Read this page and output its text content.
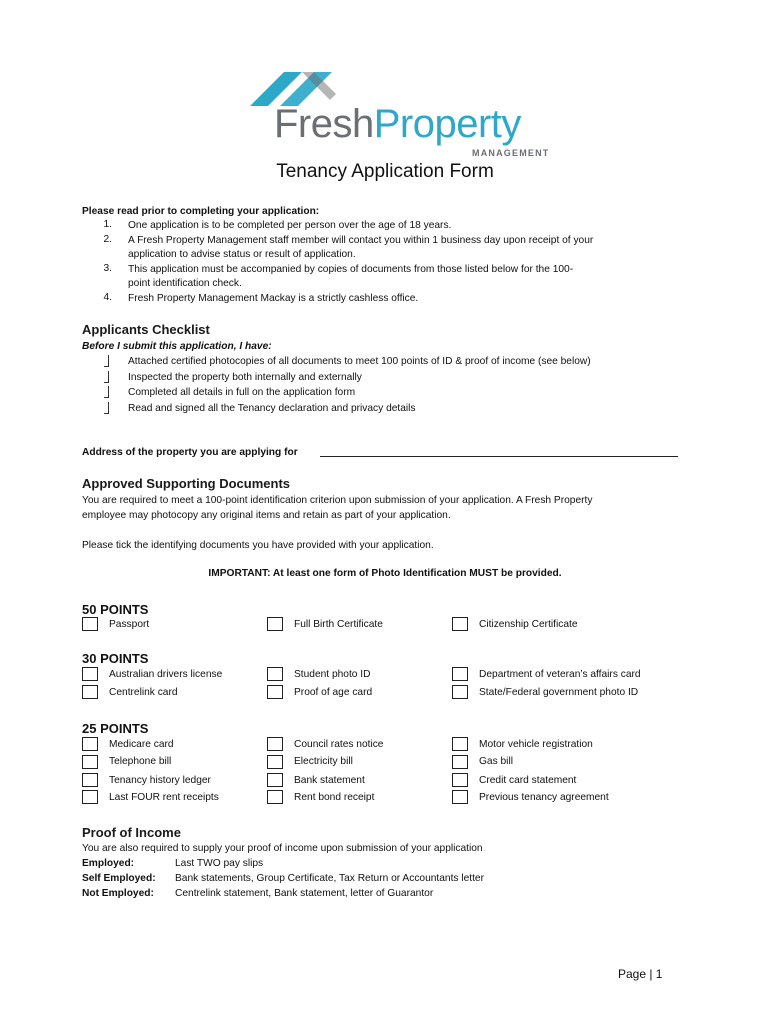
FreshProperty
MANAGEMENT
Tenancy Application Form
Please read prior to completing your application:
1. One application is to be completed per person over the age of 18 years.
2. A Fresh Property Management staff member will contact you within 1 business day upon receipt of your
application to advise status or result of application.
3. This application must be accompanied by copies of documents from those listed below for the 100-
point identification check.
4. Fresh Property Management Mackay is a strictly cashless office.
Applicants Checklist
Before I submit this application, I have:
Attached certified photocopies of all documents to meet 100 points of ID & proof of income (see below)
Inspected the property both internally and externally
Completed all details in full on the application form
Read and signed all the Tenancy declaration and privacy details
Address of the property you are applying for
Approved Supporting Documents
You are required to meet a 100-point identification criterion upon submission of your application. A Fresh Property
employee may photocopy any original items and retain as part of your application.
Please tick the identifying documents you have provided with your application.
IMPORTANT: At least one form of Photo Identification MUST be provided.
50 POINTS
Passport	Full Birth Certificate	Citizenship Certificate
30 POINTS
Australian drivers license	Student photo ID	Department of veteran’s affairs card
Centrelink card	Proof of age card	State/Federal government photo ID
25 POINTS
Medicare card	Council rates notice	Motor vehicle registration
Telephone bill	Electricity bill	Gas bill
Tenancy history ledger	Bank statement	Credit card statement
Last FOUR rent receipts	Rent bond receipt	Previous tenancy agreement
Proof of Income
You are also required to supply your proof of income upon submission of your application
Employed:	Last TWO pay slips
Self Employed: Bank statements, Group Certificate, Tax Return or Accountants letter
Not Employed: Centrelink statement, Bank statement, letter of Guarantor
Page | 1
